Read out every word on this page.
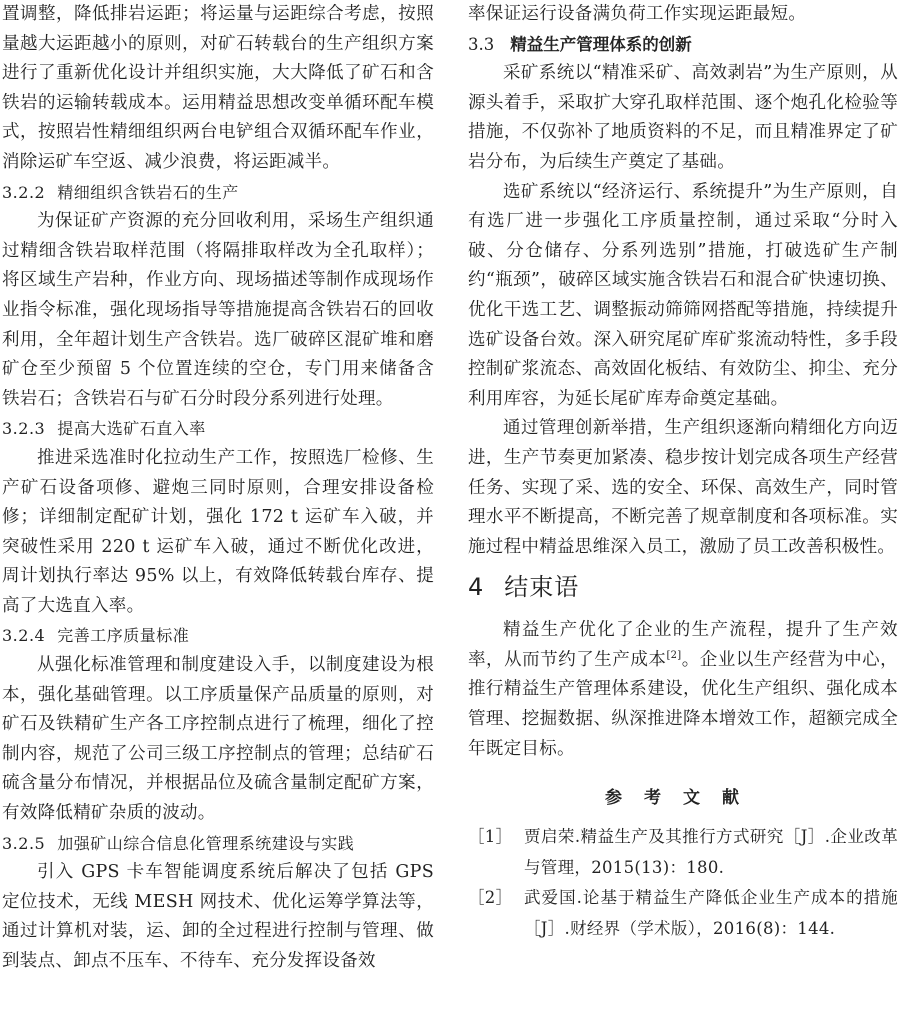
置调整，降低排岩运距；将运量与运距综合考虑，按照量越大运距越小的原则，对矿石转载台的生产组织方案进行了重新优化设计并组织实施，大大降低了矿石和含铁岩的运输转载成本。运用精益思想改变单循环配车模式，按照岩性精细组织两台电铲组合双循环配车作业，消除运矿车空返、减少浪费，将运距减半。

3.2.2 精细组织含铁岩石的生产

为保证矿产资源的充分回收利用，采场生产组织通过精细含铁岩取样范围（将隔排取样改为全孔取样）；将区域生产岩种，作业方向、现场描述等制作成现场作业指令标准，强化现场指导等措施提高含铁岩石的回收利用，全年超计划生产含铁岩。选厂破碎区混矿堆和磨矿仓至少预留 5 个位置连续的空仓，专门用来储备含铁岩石；含铁岩石与矿石分时段分系列进行处理。

3.2.3 提高大选矿石直入率

推进采选准时化拉动生产工作，按照选厂检修、生产矿石设备项修、避炮三同时原则，合理安排设备检修；详细制定配矿计划，强化 172 t 运矿车入破，并突破性采用 220 t 运矿车入破，通过不断优化改进，周计划执行率达 95% 以上，有效降低转载台库存、提高了大选直入率。

3.2.4 完善工序质量标准

从强化标准管理和制度建设入手，以制度建设为根本，强化基础管理。以工序质量保产品质量的原则，对矿石及铁精矿生产各工序控制点进行了梳理，细化了控制内容，规范了公司三级工序控制点的管理；总结矿石硫含量分布情况，并根据品位及硫含量制定配矿方案，有效降低精矿杂质的波动。

3.2.5 加强矿山综合信息化管理系统建设与实践

引入 GPS 卡车智能调度系统后解决了包括 GPS 定位技术，无线 MESH 网技术、优化运筹学算法等，通过计算机对装，运、卸的全过程进行控制与管理、做到装点、卸点不压车、不待车、充分发挥设备效

率保证运行设备满负荷工作实现运距最短。

3.3 精益生产管理体系的创新

采矿系统以“精准采矿、高效剥岩”为生产原则，从源头着手，采取扩大穿孔取样范围、逐个炮孔化检验等措施，不仅弥补了地质资料的不足，而且精准界定了矿岩分布，为后续生产奠定了基础。

选矿系统以“经济运行、系统提升”为生产原则，自有选厂进一步强化工序质量控制，通过采取“分时入破、分仓储存、分系列选别”措施，打破选矿生产制约“瓶颈”，破碎区域实施含铁岩石和混合矿快速切换、优化干选工艺、调整振动筛筛网搭配等措施，持续提升选矿设备台效。深入研究尾矿库矿浆流动特性，多手段控制矿浆流态、高效固化板结、有效防尘、抑尘、充分利用库容，为延长尾矿库寿命奠定基础。

通过管理创新举措，生产组织逐渐向精细化方向迈进，生产节奏更加紧凑、稳步按计划完成各项生产经营任务、实现了采、选的安全、环保、高效生产，同时管理水平不断提高，不断完善了规章制度和各项标准。实施过程中精益思维深入员工，激励了员工改善积极性。

4 结束语

精益生产优化了企业的生产流程，提升了生产效率，从而节约了生产成本[2]。企业以生产经营为中心，推行精益生产管理体系建设，优化生产组织、强化成本管理、挖掘数据、纵深推进降本增效工作，超额完成全年既定目标。

参考文献
［1］ 贾启荣.精益生产及其推行方式研究［J］.企业改革与管理，2015(13)：180.
［2］ 武爱国.论基于精益生产降低企业生产成本的措施［J］.财经界（学术版），2016(8)：144.
